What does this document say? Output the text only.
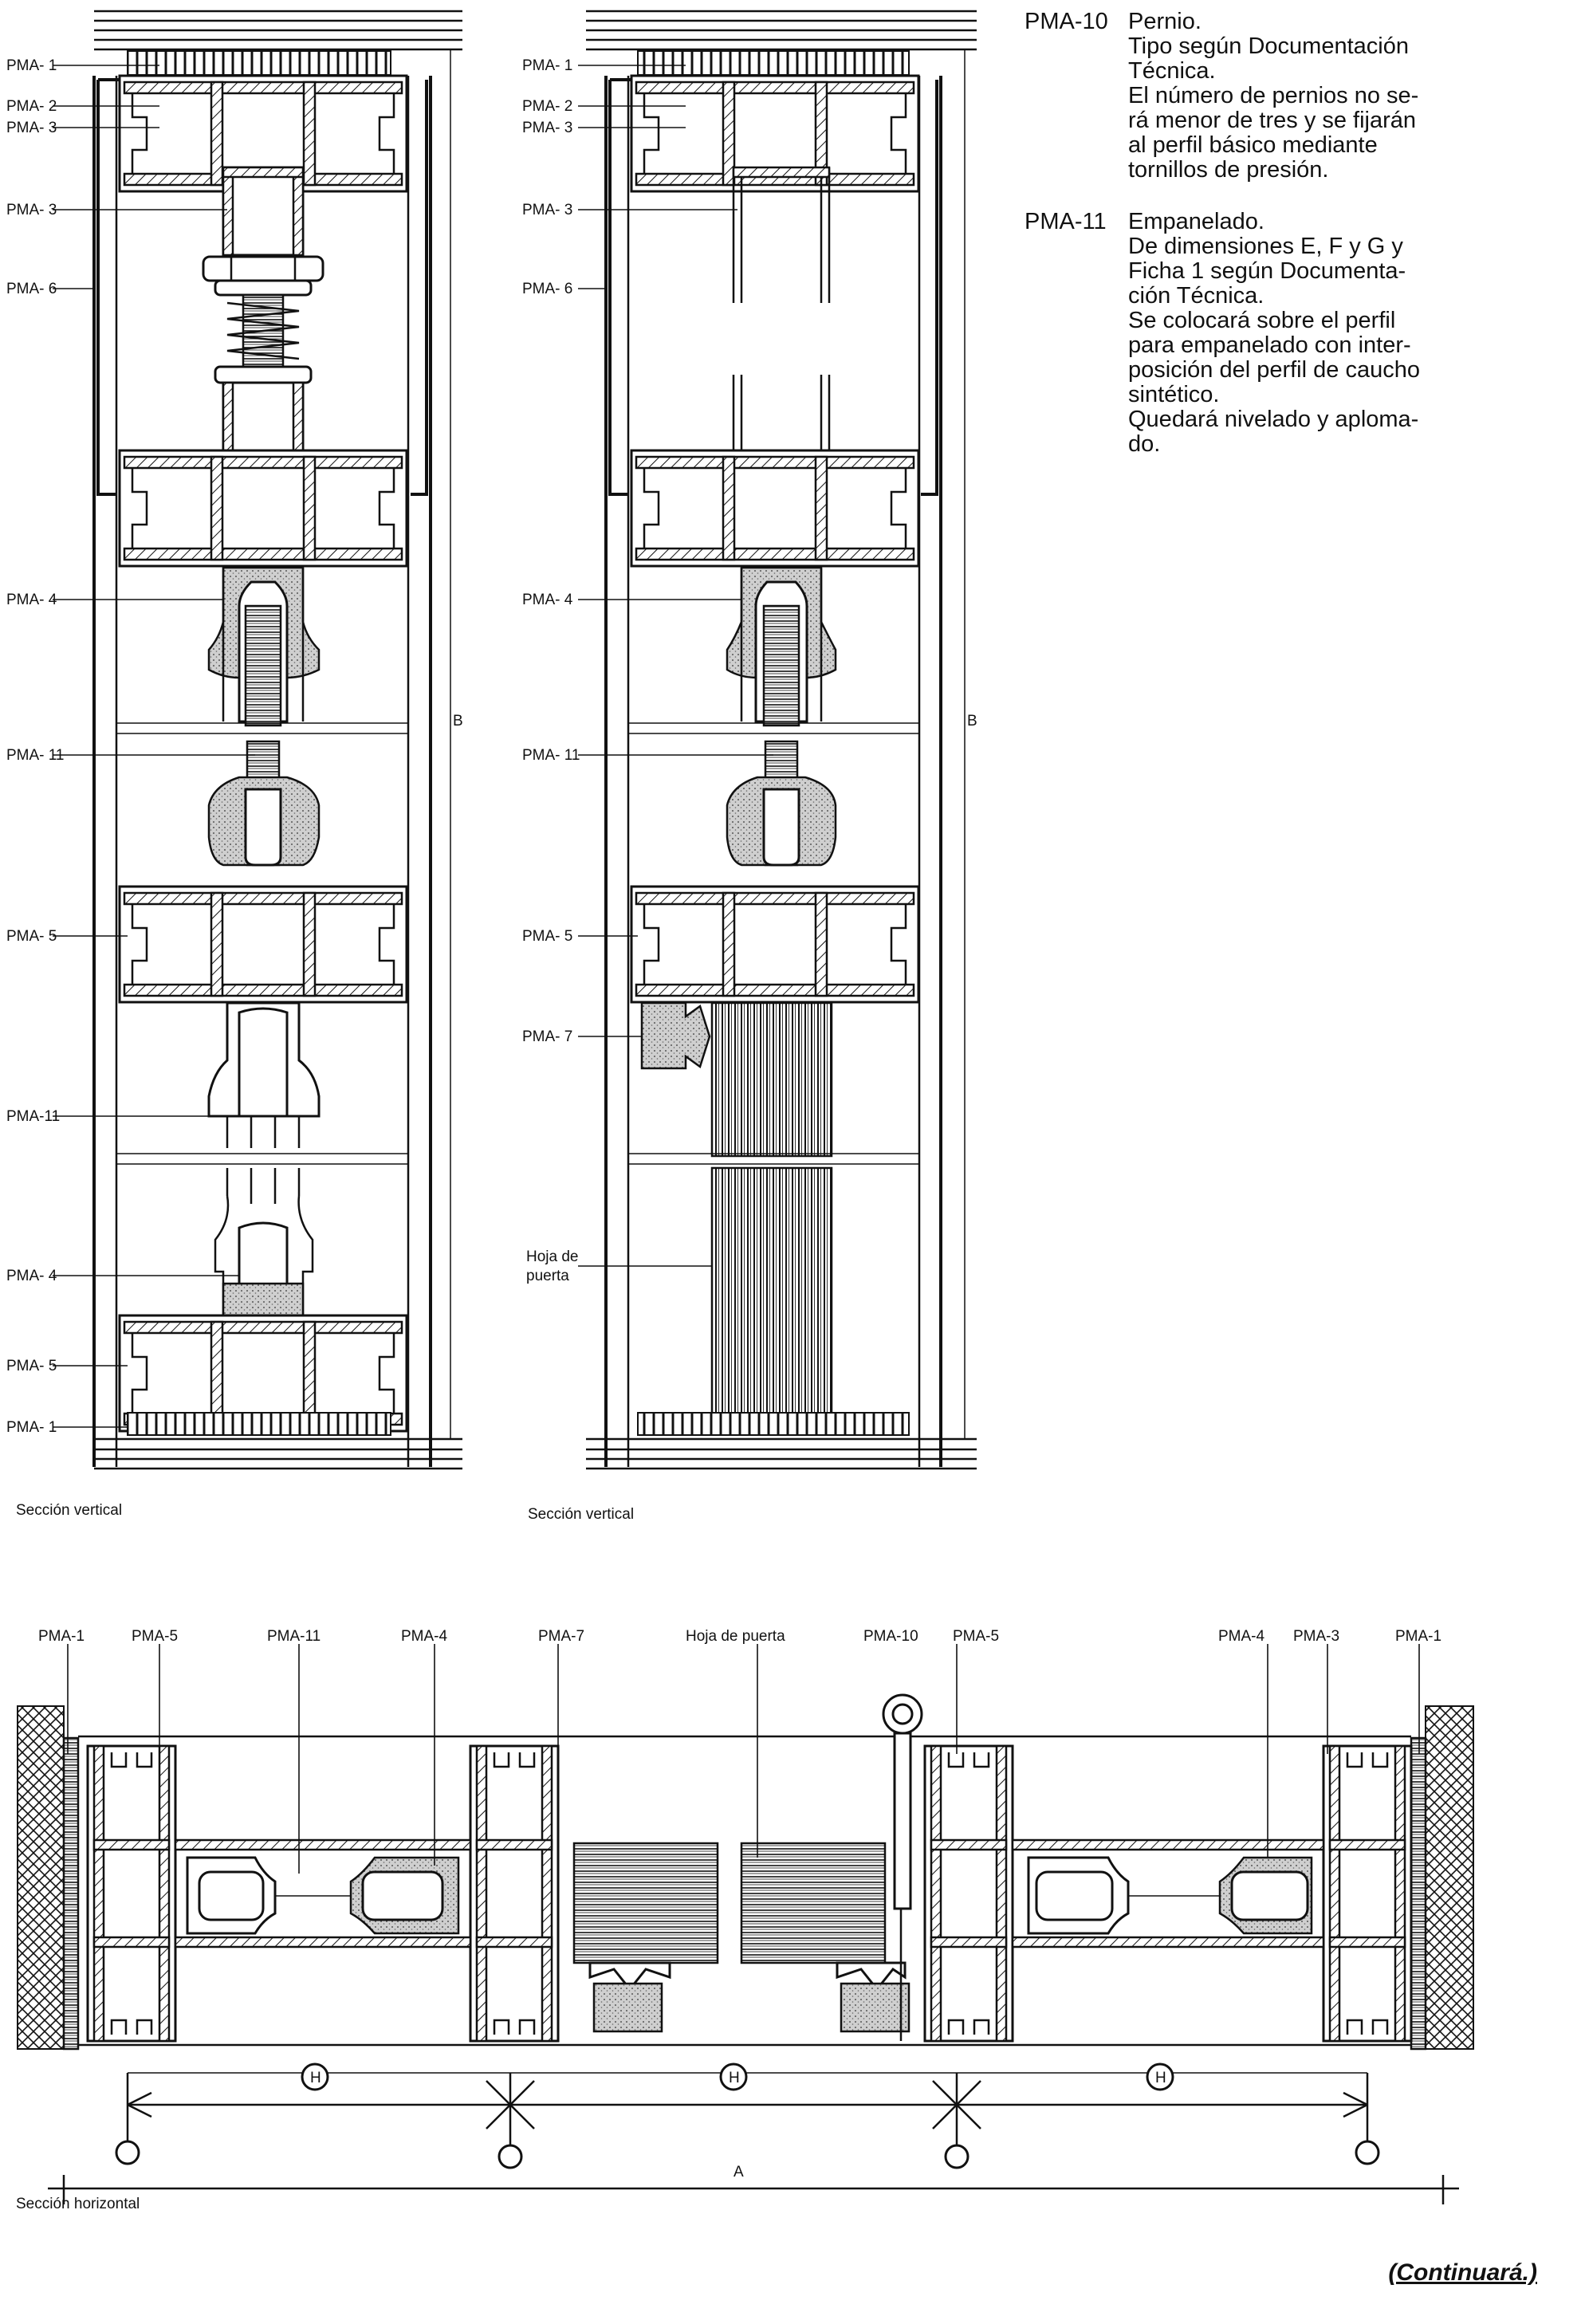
PMA- 1
PMA- 2
PMA- 3
PMA- 3
PMA- 6
PMA- 4
PMA- 11
PMA- 5
PMA-11
PMA- 4
PMA- 5
PMA- 1
B
Sección vertical
PMA- 1
PMA- 2
PMA- 3
PMA- 3
PMA- 6
PMA- 4
PMA- 11
PMA- 5
PMA- 7
Hoja de
puerta
B
Sección vertical
H	H	H
A
PMA-1	PMA-5	PMA-11	PMA-4	PMA-7	Hoja de puerta	PMA-10 PMA-5	PMA-4 PMA-3	PMA-1
Sección horizontal
PMA-10 Pernio.
Tipo según Documentación
Técnica.
El número de pernios no se-
rá menor de tres y se fijarán
al perfil básico mediante
tornillos de presión.
PMA-11 Empanelado.
De dimensiones E, F y G y
Ficha 1 según Documenta-
ción Técnica.
Se colocará sobre el perfil
para empanelado con inter-
posición del perfil de caucho
sintético.
Quedará nivelado y aploma-
do.
(Continuará.)
